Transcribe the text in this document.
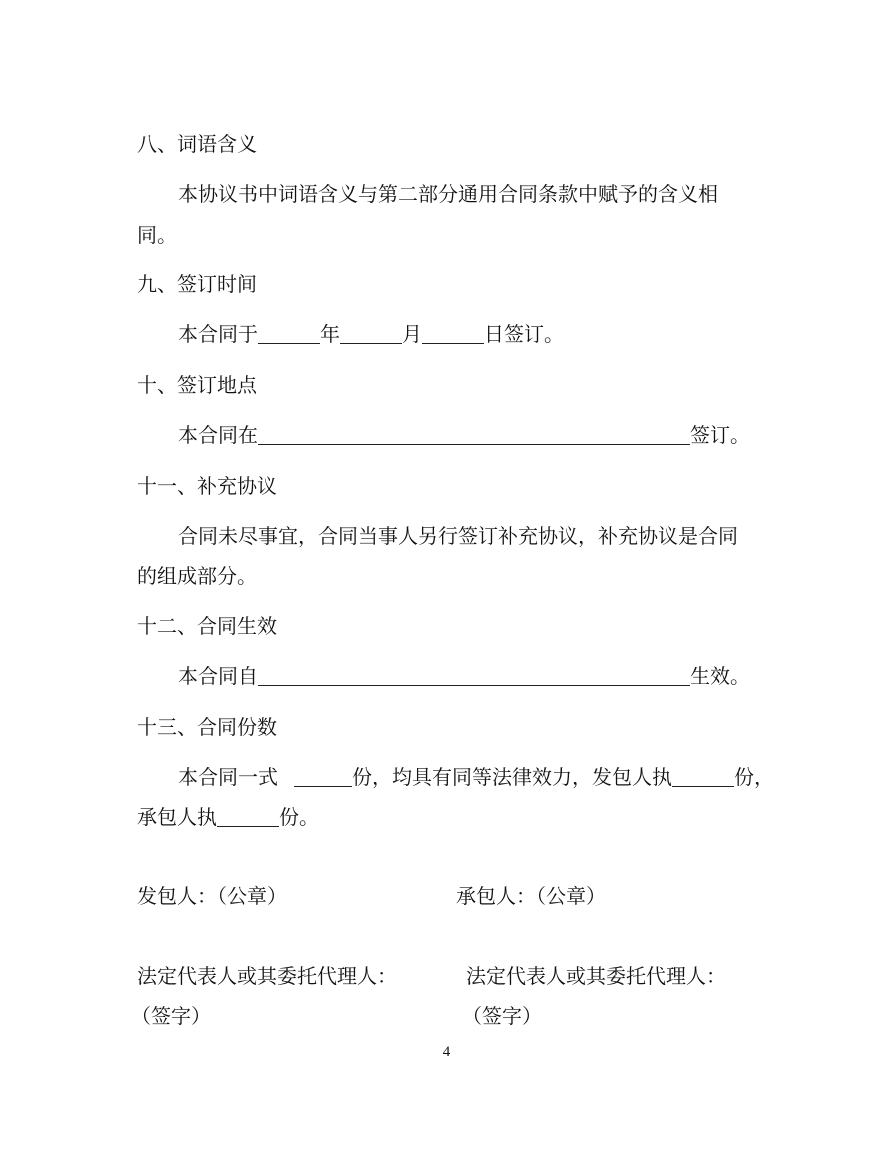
八、词语含义
本协议书中词语含义与第二部分通用合同条款中赋予的含义相
同。
九、签订时间
本合同于	年	月	日签订。
十、签订地点
本合同在	签订。
十一、补充协议
合同未尽事宜，合同当事人另行签订补充协议，补充协议是合同
的组成部分。
十二、合同生效
本合同自	生效。
十三、合同份数
本合同一式	份，均具有同等法律效力，发包人执	份，
承包人执	份。
发包人：（公章）	承包人：（公章）
法定代表人或其委托代理人：	法定代表人或其委托代理人：
（签字）	（签字）
4
